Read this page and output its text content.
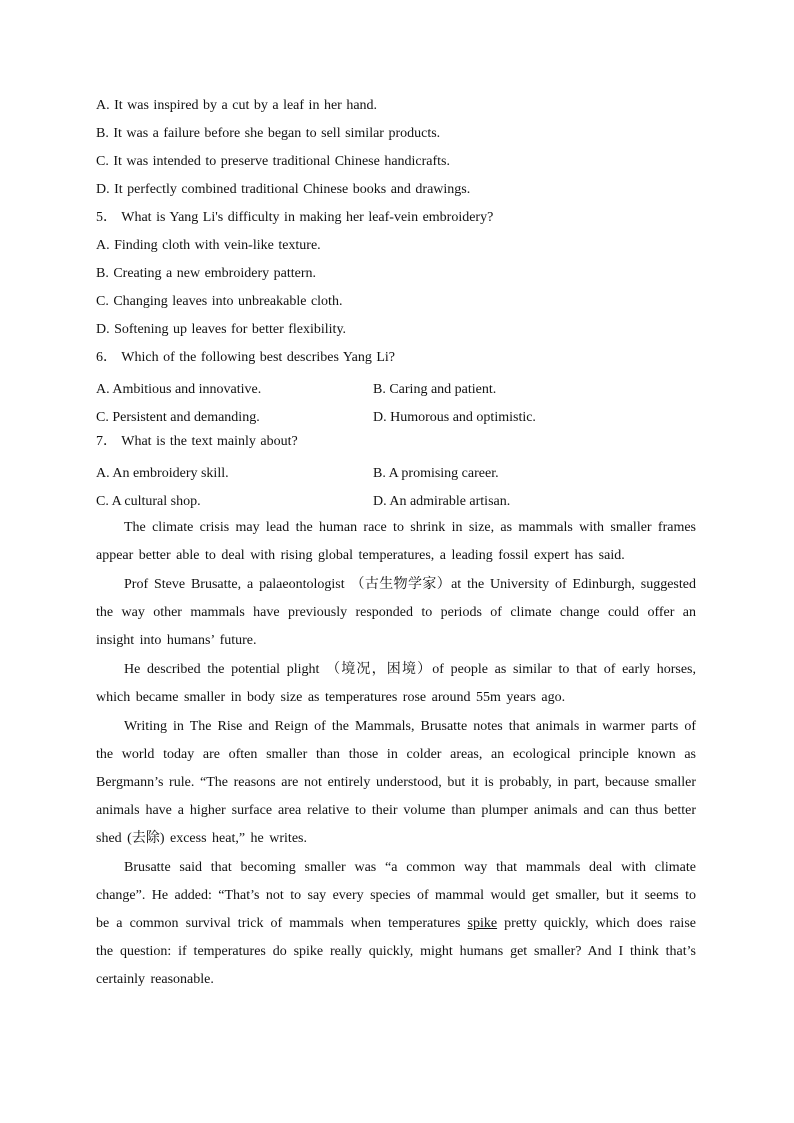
A. It was inspired by a cut by a leaf in her hand.
B. It was a failure before she began to sell similar products.
C. It was intended to preserve traditional Chinese handicrafts.
D. It perfectly combined traditional Chinese books and drawings.
5． What is Yang Li's difficulty in making her leaf-vein embroidery?
A. Finding cloth with vein-like texture.
B. Creating a new embroidery pattern.
C. Changing leaves into unbreakable cloth.
D. Softening up leaves for better flexibility.
6． Which of the following best describes Yang Li?
A. Ambitious and innovative.	B. Caring and patient.
C. Persistent and demanding.	D. Humorous and optimistic.
7． What is the text mainly about?
A. An embroidery skill.	B. A promising career.
C. A cultural shop.	D. An admirable artisan.

The climate crisis may lead the human race to shrink in size, as mammals with smaller frames appear better able to deal with rising global temperatures, a leading fossil expert has said.

Prof Steve Brusatte, a palaeontologist （古生物学家）at the University of Edinburgh, suggested the way other mammals have previously responded to periods of climate change could offer an insight into humans’ future.

He described the potential plight （境况，困境）of people as similar to that of early horses, which became smaller in body size as temperatures rose around 55m years ago.

Writing in The Rise and Reign of the Mammals, Brusatte notes that animals in warmer parts of the world today are often smaller than those in colder areas, an ecological principle known as Bergmann’s rule. “The reasons are not entirely understood, but it is probably, in part, because smaller animals have a higher surface area relative to their volume than plumper animals and can thus better shed (去除) excess heat,” he writes.

Brusatte said that becoming smaller was “a common way that mammals deal with climate change”. He added: “That’s not to say every species of mammal would get smaller, but it seems to be a common survival trick of mammals when temperatures spike pretty quickly, which does raise the question: if temperatures do spike really quickly, might humans get smaller? And I think that’s certainly reasonable.
